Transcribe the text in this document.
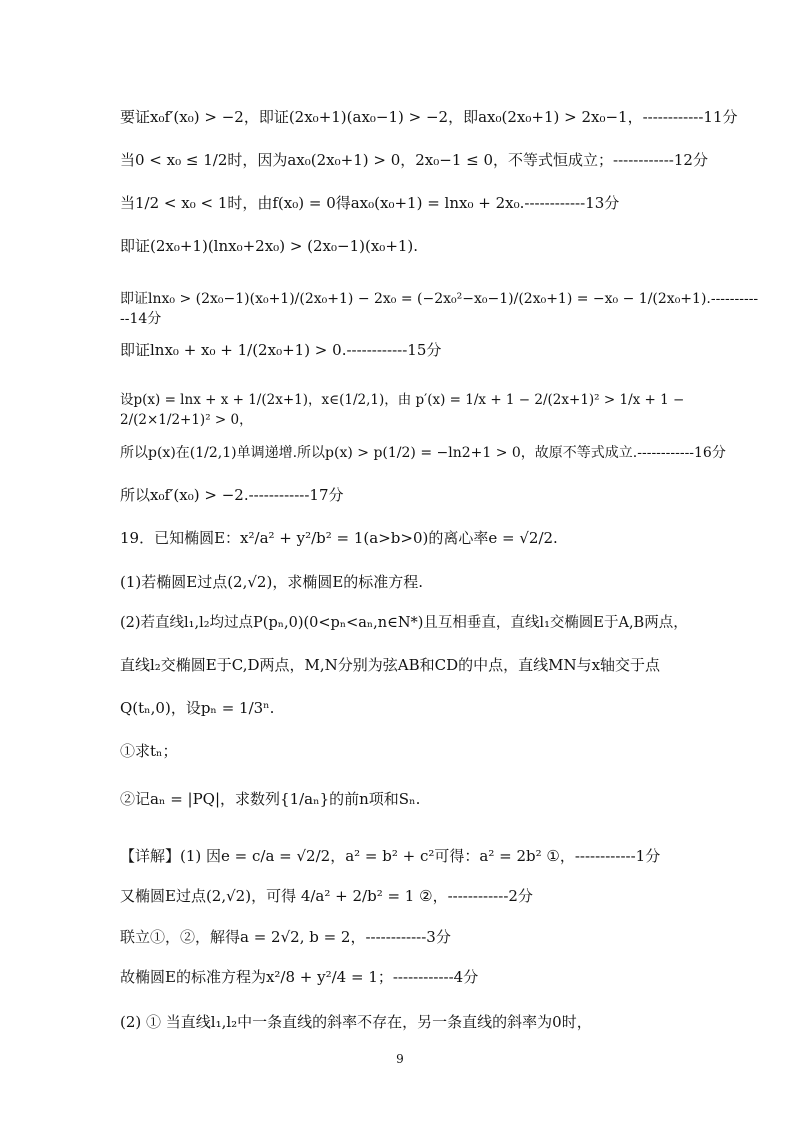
要证x₀f′(x₀) > −2，即证(2x₀+1)(ax₀−1) > −2，即ax₀(2x₀+1) > 2x₀−1，------------11分
当0 < x₀ ≤ 1/2时，因为ax₀(2x₀+1) > 0，2x₀−1 ≤ 0，不等式恒成立；------------12分
当1/2 < x₀ < 1时，由f(x₀) = 0得ax₀(x₀+1) = lnx₀ + 2x₀.------------13分
即证(2x₀+1)(lnx₀+2x₀) > (2x₀−1)(x₀+1).
即证lnx₀ > (2x₀−1)(x₀+1)/(2x₀+1) − 2x₀ = (−2x₀²−x₀−1)/(2x₀+1) = −x₀ − 1/(2x₀+1).------------14分
即证lnx₀ + x₀ + 1/(2x₀+1) > 0.------------15分
设p(x) = lnx + x + 1/(2x+1)，x∈(1/2,1)，由 p′(x) = 1/x + 1 − 2/(2x+1)² > 1/x + 1 − 2/(2×1/2+1)² > 0，
所以p(x)在(1/2,1)单调递增.所以p(x) > p(1/2) = −ln2+1 > 0，故原不等式成立.------------16分
所以x₀f′(x₀) > −2.------------17分
19．已知椭圆E：x²/a² + y²/b² = 1(a>b>0)的离心率e = √2/2.
(1)若椭圆E过点(2,√2)，求椭圆E的标准方程.
(2)若直线l₁,l₂均过点P(pₙ,0)(0<pₙ<aₙ,n∈N*)且互相垂直，直线l₁交椭圆E于A,B两点，
直线l₂交椭圆E于C,D两点，M,N分别为弦AB和CD的中点，直线MN与x轴交于点
Q(tₙ,0)，设pₙ = 1/3ⁿ.
①求tₙ；
②记aₙ = |PQ|，求数列{1/aₙ}的前n项和Sₙ.
【详解】(1) 因e = c/a = √2/2，a² = b² + c²可得：a² = 2b² ①，------------1分
又椭圆E过点(2,√2)，可得 4/a² + 2/b² = 1 ②，------------2分
联立①，②，解得a = 2√2, b = 2，------------3分
故椭圆E的标准方程为x²/8 + y²/4 = 1；------------4分
(2) ① 当直线l₁,l₂中一条直线的斜率不存在，另一条直线的斜率为0时，
9
